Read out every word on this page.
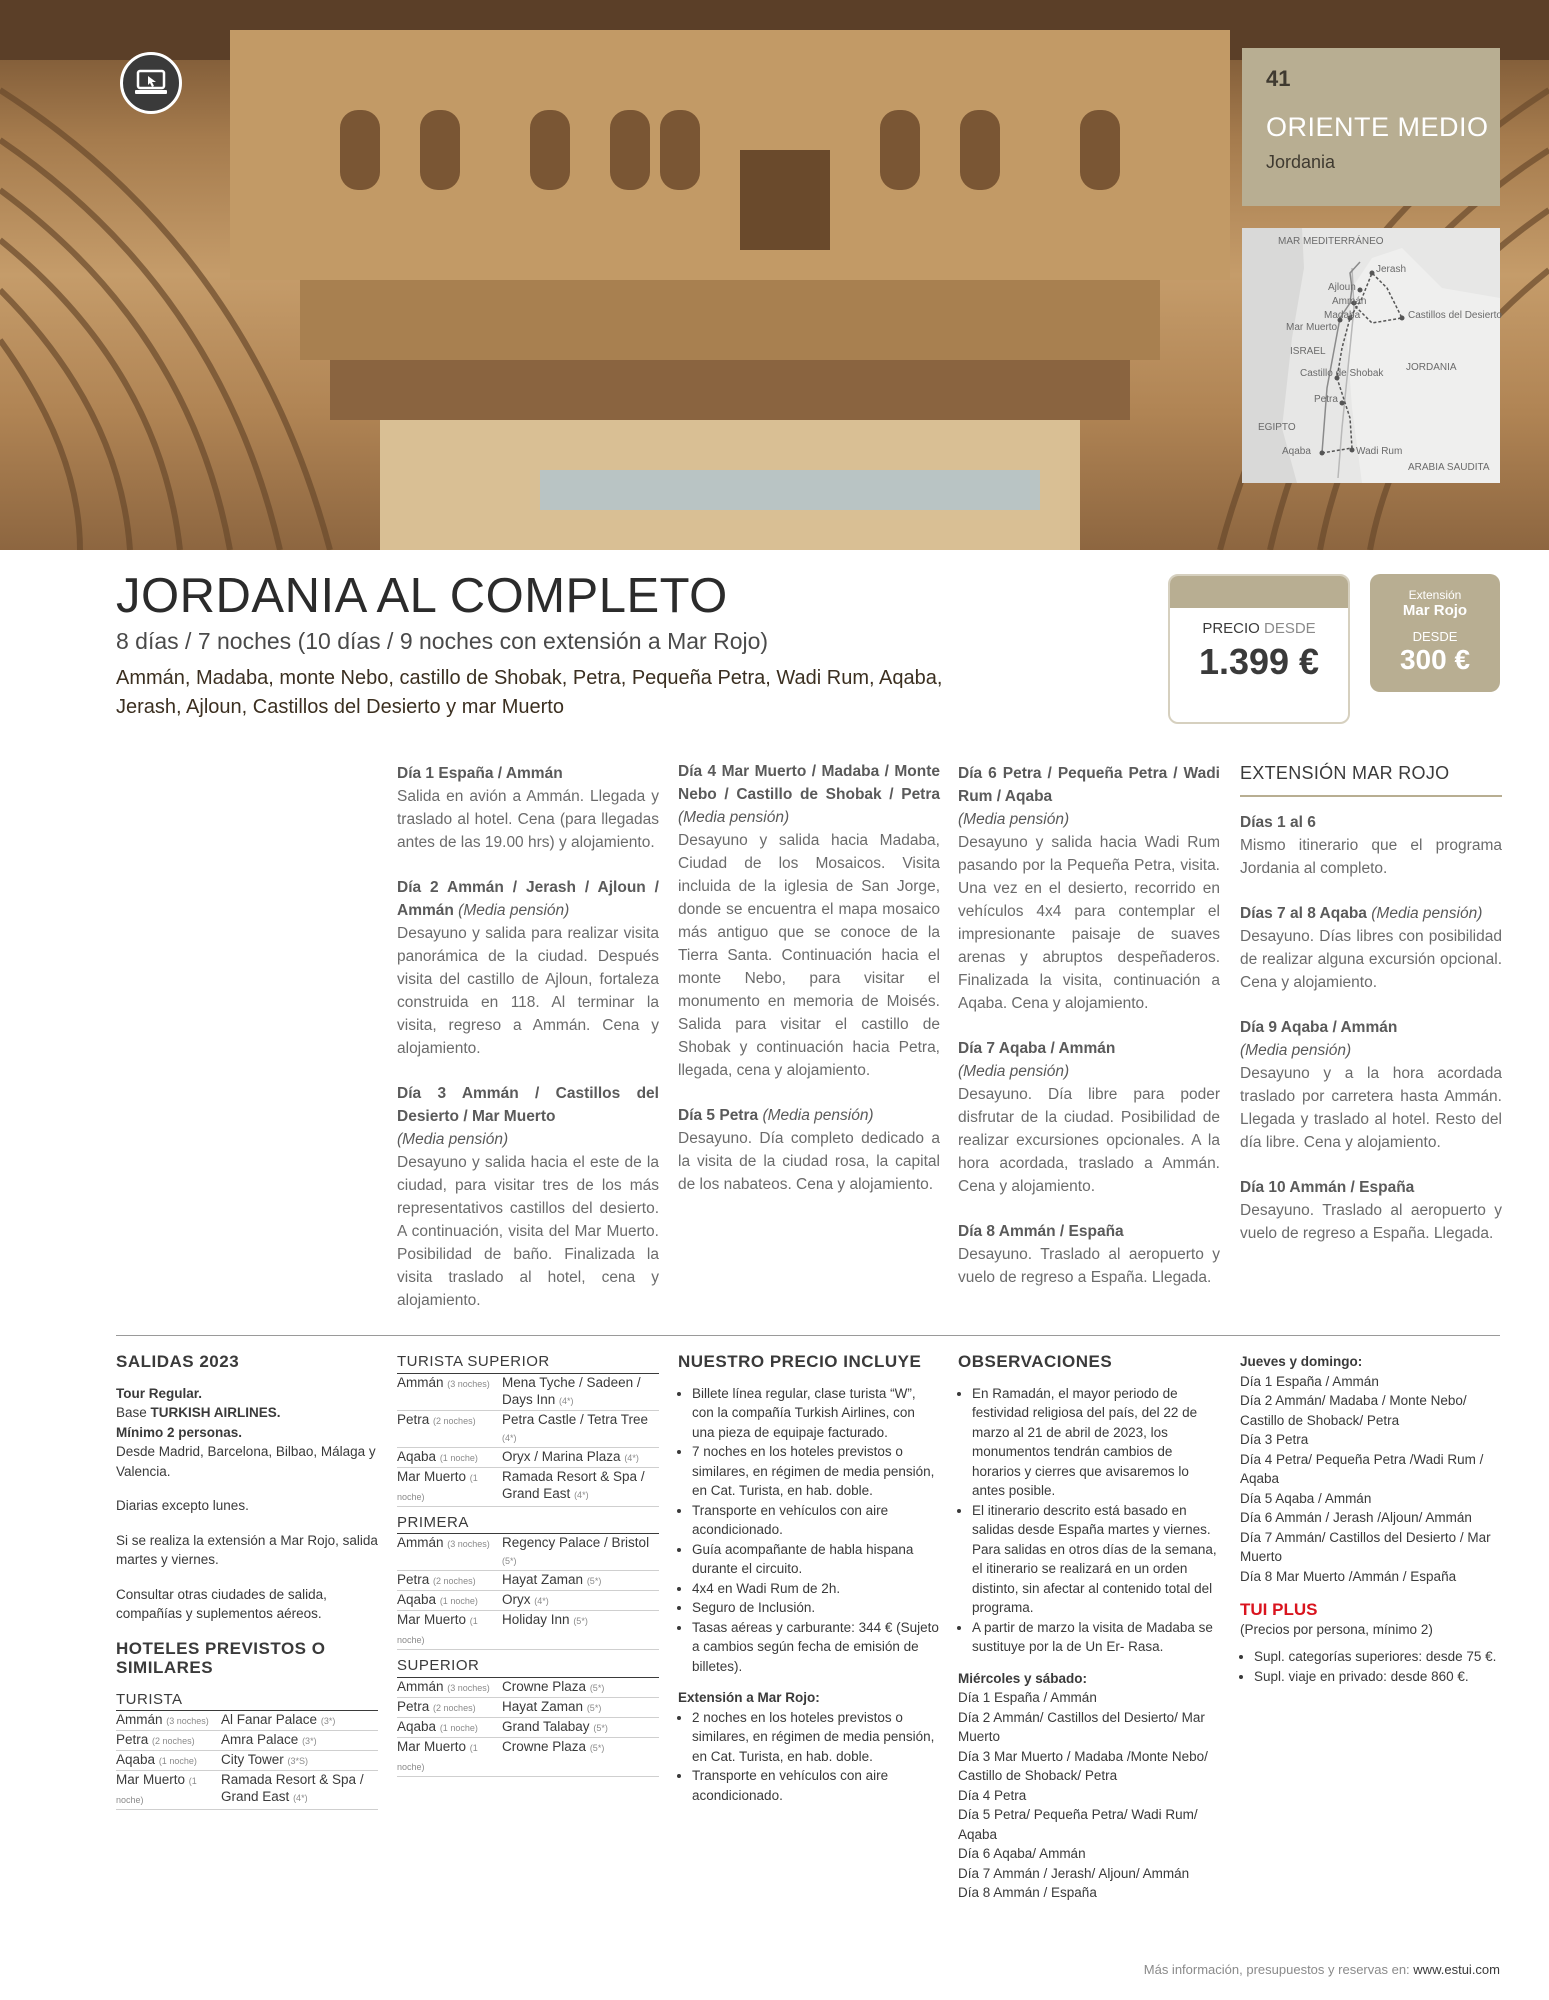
41
ORIENTE MEDIO
Jordania
MAR MEDITERRÁNEO
Jerash
Ajloun
Ammán
Madaba
Mar Muerto
Castillos del Desierto
ISRAEL
Castillo de Shobak
JORDANIA
Petra
EGIPTO
Aqaba	Wadi Rum
ARABIA SAUDITA
JORDANIA AL COMPLETO
8 días / 7 noches (10 días / 9 noches con extensión a Mar Rojo)
Ammán, Madaba, monte Nebo, castillo de Shobak, Petra, Pequeña Petra, Wadi Rum, Aqaba,
Jerash, Ajloun, Castillos del Desierto y mar Muerto
PRECIO DESDE
1.399 €
Extensión
Mar Rojo
DESDE
300 €

Día 1 España / Ammán
Salida en avión a Ammán. Llegada y traslado al hotel. Cena (para llegadas antes de las 19.00 hrs) y alojamiento.

Día 2 Ammán / Jerash / Ajloun / Ammán (Media pensión)
Desayuno y salida para realizar visita panorámica de la ciudad. Después visita del castillo de Ajloun, fortaleza construida en 118. Al terminar la visita, regreso a Ammán. Cena y alojamiento.

Día 3 Ammán / Castillos del Desierto / Mar Muerto
(Media pensión)
Desayuno y salida hacia el este de la ciudad, para visitar tres de los más representativos castillos del desierto. A continuación, visita del Mar Muerto. Posibilidad de baño. Finalizada la visita traslado al hotel, cena y alojamiento.

Día 4 Mar Muerto / Madaba / Monte Nebo / Castillo de Shobak / Petra (Media pensión)
Desayuno y salida hacia Madaba, Ciudad de los Mosaicos. Visita incluida de la iglesia de San Jorge, donde se encuentra el mapa mosaico más antiguo que se conoce de la Tierra Santa. Continuación hacia el monte Nebo, para visitar el monumento en memoria de Moisés. Salida para visitar el castillo de Shobak y continuación hacia Petra, llegada, cena y alojamiento.

Día 5 Petra (Media pensión)
Desayuno. Día completo dedicado a la visita de la ciudad rosa, la capital de los nabateos. Cena y alojamiento.

Día 6 Petra / Pequeña Petra / Wadi Rum / Aqaba
(Media pensión)
Desayuno y salida hacia Wadi Rum pasando por la Pequeña Petra, visita. Una vez en el desierto, recorrido en vehículos 4x4 para contemplar el impresionante paisaje de suaves arenas y abruptos despeñaderos. Finalizada la visita, continuación a Aqaba. Cena y alojamiento.

Día 7 Aqaba / Ammán
(Media pensión)
Desayuno. Día libre para poder disfrutar de la ciudad. Posibilidad de realizar excursiones opcionales. A la hora acordada, traslado a Ammán. Cena y alojamiento.

Día 8 Ammán / España
Desayuno. Traslado al aeropuerto y vuelo de regreso a España. Llegada.

EXTENSIÓN MAR ROJO

Días 1 al 6
Mismo itinerario que el programa Jordania al completo.

Días 7 al 8 Aqaba (Media pensión)
Desayuno. Días libres con posibilidad de realizar alguna excursión opcional. Cena y alojamiento.

Día 9 Aqaba / Ammán
(Media pensión)
Desayuno y a la hora acordada traslado por carretera hasta Ammán. Llegada y traslado al hotel. Resto del día libre. Cena y alojamiento.

Día 10 Ammán / España
Desayuno. Traslado al aeropuerto y vuelo de regreso a España. Llegada.

SALIDAS 2023
Tour Regular.
Base TURKISH AIRLINES.
Mínimo 2 personas.
Desde Madrid, Barcelona, Bilbao, Málaga y Valencia.
Diarias excepto lunes.
Si se realiza la extensión a Mar Rojo, salida martes y viernes.
Consultar otras ciudades de salida, compañías y suplementos aéreos.
HOTELES PREVISTOS O SIMILARES
TURISTA
Ammán (3 noches)	Al Fanar Palace (3*)
Petra (2 noches)	Amra Palace (3*)
Aqaba (1 noche)	City Tower (3*S)
Mar Muerto (1 noche)	Ramada Resort & Spa / Grand East (4*)
TURISTA SUPERIOR
Ammán (3 noches)	Mena Tyche / Sadeen / Days Inn (4*)
Petra (2 noches)	Petra Castle / Tetra Tree (4*)
Aqaba (1 noche)	Oryx / Marina Plaza (4*)
Mar Muerto (1 noche)	Ramada Resort & Spa / Grand East (4*)
PRIMERA
Ammán (3 noches)	Regency Palace / Bristol (5*)
Petra (2 noches)	Hayat Zaman (5*)
Aqaba (1 noche)	Oryx (4*)
Mar Muerto (1 noche)	Holiday Inn (5*)
SUPERIOR
Ammán (3 noches)	Crowne Plaza (5*)
Petra (2 noches)	Hayat Zaman (5*)
Aqaba (1 noche)	Grand Talabay (5*)
Mar Muerto (1 noche)	Crowne Plaza (5*)
NUESTRO PRECIO INCLUYE
• Billete línea regular, clase turista “W”, con la compañía Turkish Airlines, con una pieza de equipaje facturado.
• 7 noches en los hoteles previstos o similares, en régimen de media pensión, en Cat. Turista, en hab. doble.
• Transporte en vehículos con aire acondicionado.
• Guía acompañante de habla hispana durante el circuito.
• 4x4 en Wadi Rum de 2h.
• Seguro de Inclusión.
• Tasas aéreas y carburante: 344 € (Sujeto a cambios según fecha de emisión de billetes).
Extensión a Mar Rojo:
• 2 noches en los hoteles previstos o similares, en régimen de media pensión, en Cat. Turista, en hab. doble.
• Transporte en vehículos con aire acondicionado.
OBSERVACIONES
• En Ramadán, el mayor periodo de festividad religiosa del país, del 22 de marzo al 21 de abril de 2023, los monumentos tendrán cambios de horarios y cierres que avisaremos lo antes posible.
• El itinerario descrito está basado en salidas desde España martes y viernes. Para salidas en otros días de la semana, el itinerario se realizará en un orden distinto, sin afectar al contenido total del programa.
• A partir de marzo la visita de Madaba se sustituye por la de Un Er- Rasa.
Miércoles y sábado:
Día 1 España / Ammán
Día 2 Ammán/ Castillos del Desierto/ Mar Muerto
Día 3 Mar Muerto / Madaba /Monte Nebo/ Castillo de Shoback/ Petra
Día 4 Petra
Día 5 Petra/ Pequeña Petra/ Wadi Rum/ Aqaba
Día 6 Aqaba/ Ammán
Día 7 Ammán / Jerash/ Aljoun/ Ammán
Día 8 Ammán / España
Jueves y domingo:
Día 1 España / Ammán
Día 2 Ammán/ Madaba / Monte Nebo/ Castillo de Shoback/ Petra
Día 3 Petra
Día 4 Petra/ Pequeña Petra /Wadi Rum / Aqaba
Día 5 Aqaba / Ammán
Día 6 Ammán / Jerash /Aljoun/ Ammán
Día 7 Ammán/ Castillos del Desierto / Mar Muerto
Día 8 Mar Muerto /Ammán / España
TUI PLUS
(Precios por persona, mínimo 2)
• Supl. categorías superiores: desde 75 €.
• Supl. viaje en privado: desde 860 €.
Más información, presupuestos y reservas en: www.estui.com
